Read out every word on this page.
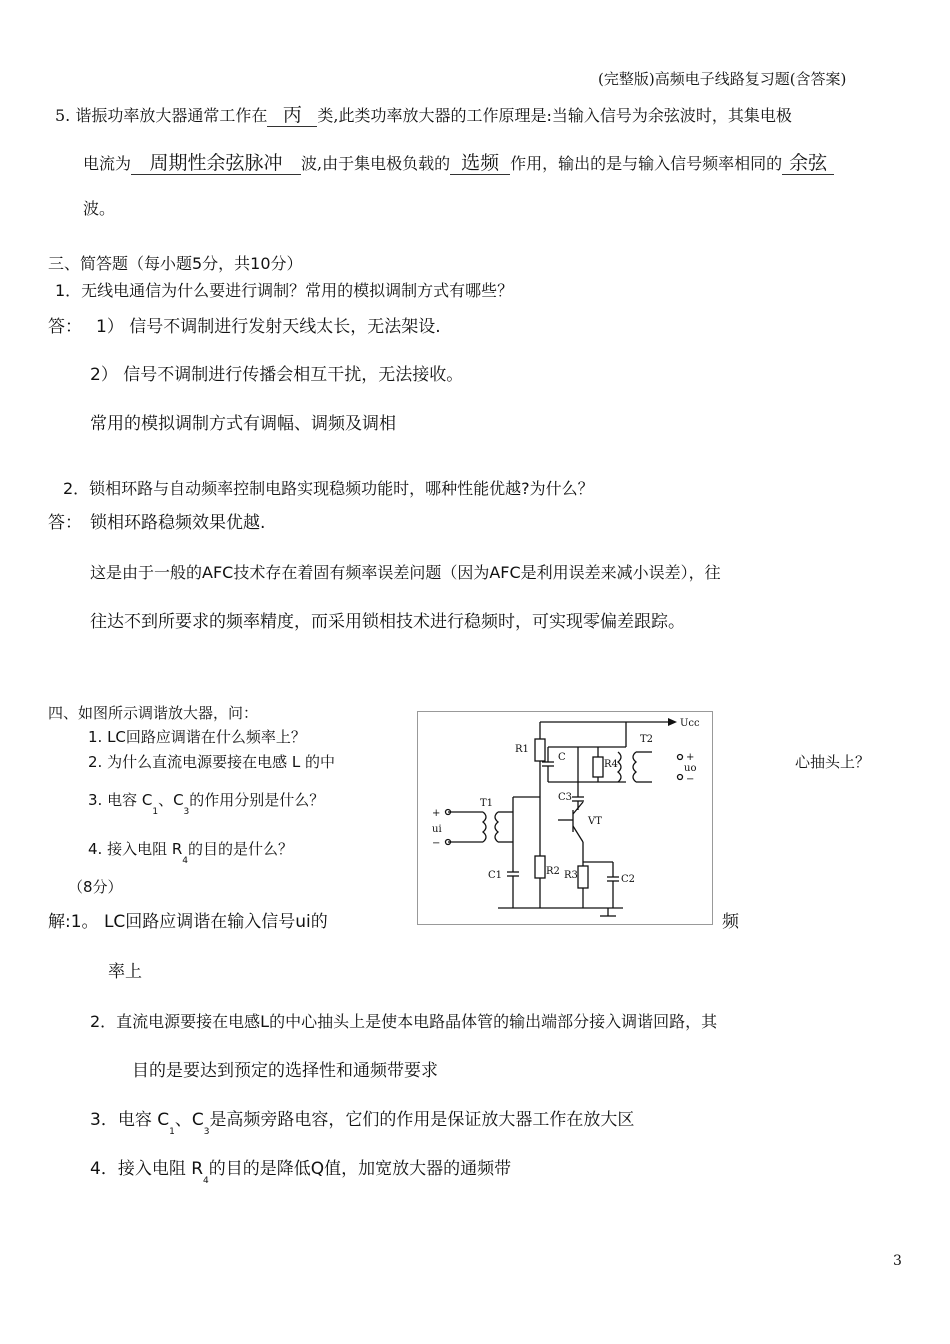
(完整版)高频电子线路复习题(含答案)
5. 谐振功率放大器通常工作在 丙 类,此类功率放大器的工作原理是:当输入信号为余弦波时，其集电极
电流为 周期性余弦脉冲 波,由于集电极负载的 选频 作用，输出的是与输入信号频率相同的 余弦
波。
三、简答题（每小题5分，共10分）
1．无线电通信为什么要进行调制？常用的模拟调制方式有哪些？
答： 1） 信号不调制进行发射天线太长，无法架设.
2） 信号不调制进行传播会相互干扰，无法接收。
常用的模拟调制方式有调幅、调频及调相
2．锁相环路与自动频率控制电路实现稳频功能时，哪种性能优越?为什么？
答： 锁相环路稳频效果优越.
这是由于一般的AFC技术存在着固有频率误差问题（因为AFC是利用误差来减小误差），往
往达不到所要求的频率精度，而采用锁相技术进行稳频时，可实现零偏差跟踪。
四、如图所示调谐放大器，问：
1. LC回路应调谐在什么频率上？
2. 为什么直流电源要接在电感 L 的中	心抽头上？
3. 电容 $C_1$、$C_3$的作用分别是什么？
4. 接入电阻 $R_4$的目的是什么？
（8分）
Ucc
R1
C
R4
T2
C3
T1
VT
+
ui
−
+
uo
−
C1	R2 R3	C2
解:1。 LC回路应调谐在输入信号ui的	频
率上
2．直流电源要接在电感L的中心抽头上是使本电路晶体管的输出端部分接入调谐回路，其
目的是要达到预定的选择性和通频带要求
3．电容 $C_1$、$C_3$是高频旁路电容，它们的作用是保证放大器工作在放大区
4．接入电阻 $R_4$的目的是降低Q值，加宽放大器的通频带
3
